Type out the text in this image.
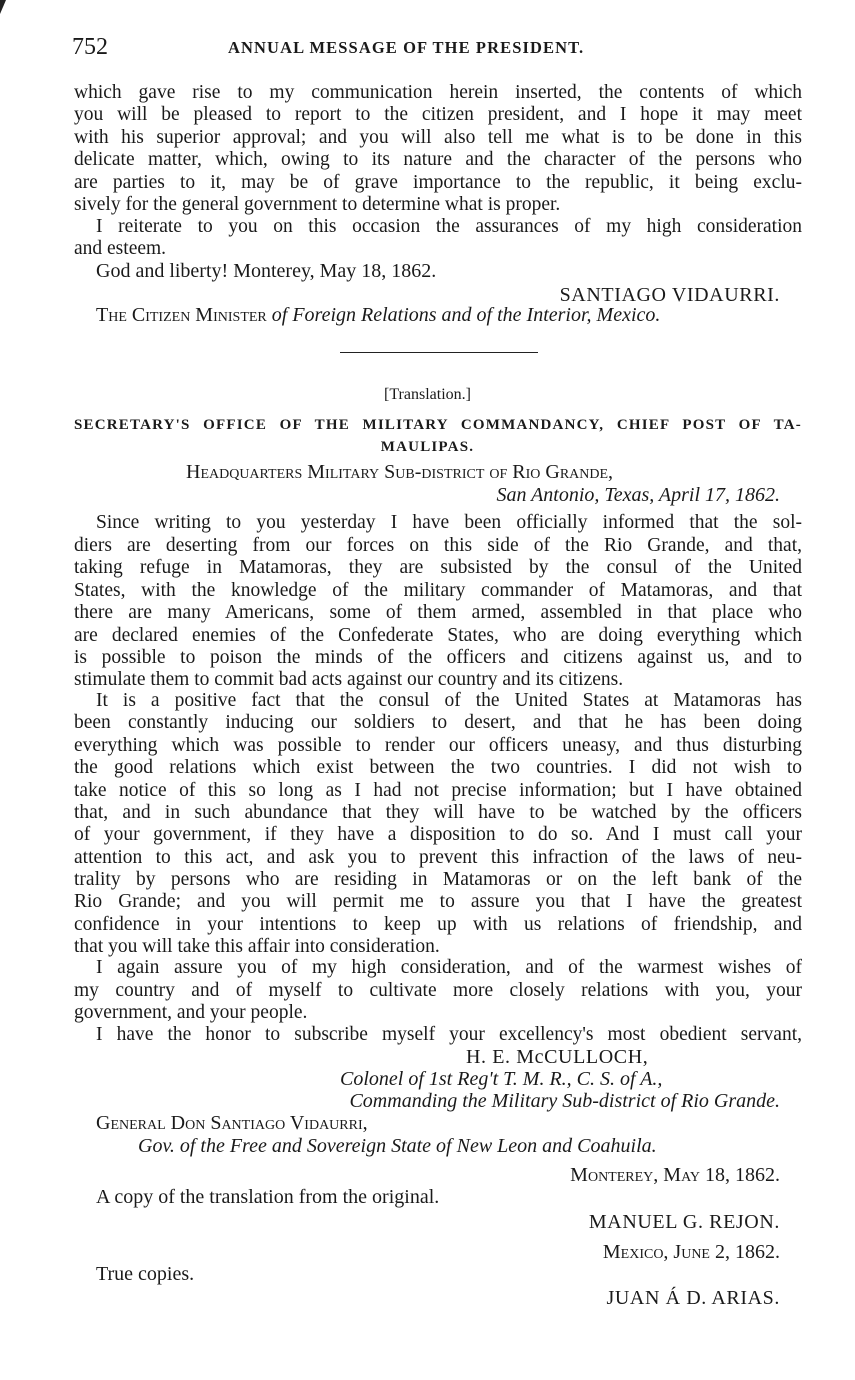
752	ANNUAL MESSAGE OF THE PRESIDENT.
which gave rise to my communication herein inserted, the contents of which
you will be pleased to report to the citizen president, and I hope it may meet
with his superior approval; and you will also tell me what is to be done in this
delicate matter, which, owing to its nature and the character of the persons who
are parties to it, may be of grave importance to the republic, it being exclu-
sively for the general government to determine what is proper.
I reiterate to you on this occasion the assurances of my high consideration
and esteem.
God and liberty! Monterey, May 18, 1862.
SANTIAGO VIDAURRI.
The Citizen Minister of Foreign Relations and of the Interior, Mexico.
[Translation.]
SECRETARY'S OFFICE OF THE MILITARY COMMANDANCY, CHIEF POST OF TA-
MAULIPAS.
Headquarters Military Sub-district of Rio Grande,
San Antonio, Texas, April 17, 1862.
Since writing to you yesterday I have been officially informed that the sol-
diers are deserting from our forces on this side of the Rio Grande, and that,
taking refuge in Matamoras, they are subsisted by the consul of the United
States, with the knowledge of the military commander of Matamoras, and that
there are many Americans, some of them armed, assembled in that place who
are declared enemies of the Confederate States, who are doing everything which
is possible to poison the minds of the officers and citizens against us, and to
stimulate them to commit bad acts against our country and its citizens.
It is a positive fact that the consul of the United States at Matamoras has
been constantly inducing our soldiers to desert, and that he has been doing
everything which was possible to render our officers uneasy, and thus disturbing
the good relations which exist between the two countries. I did not wish to
take notice of this so long as I had not precise information; but I have obtained
that, and in such abundance that they will have to be watched by the officers
of your government, if they have a disposition to do so. And I must call your
attention to this act, and ask you to prevent this infraction of the laws of neu-
trality by persons who are residing in Matamoras or on the left bank of the
Rio Grande; and you will permit me to assure you that I have the greatest
confidence in your intentions to keep up with us relations of friendship, and
that you will take this affair into consideration.
I again assure you of my high consideration, and of the warmest wishes of
my country and of myself to cultivate more closely relations with you, your
government, and your people.
I have the honor to subscribe myself your excellency's most obedient servant,
H. E. McCULLOCH,
Colonel of 1st Reg't T. M. R., C. S. of A.,
Commanding the Military Sub-district of Rio Grande.
General Don Santiago Vidaurri,
Gov. of the Free and Sovereign State of New Leon and Coahuila.
Monterey, May 18, 1862.
A copy of the translation from the original.
MANUEL G. REJON.
Mexico, June 2, 1862.
True copies.
JUAN Á D. ARIAS.
